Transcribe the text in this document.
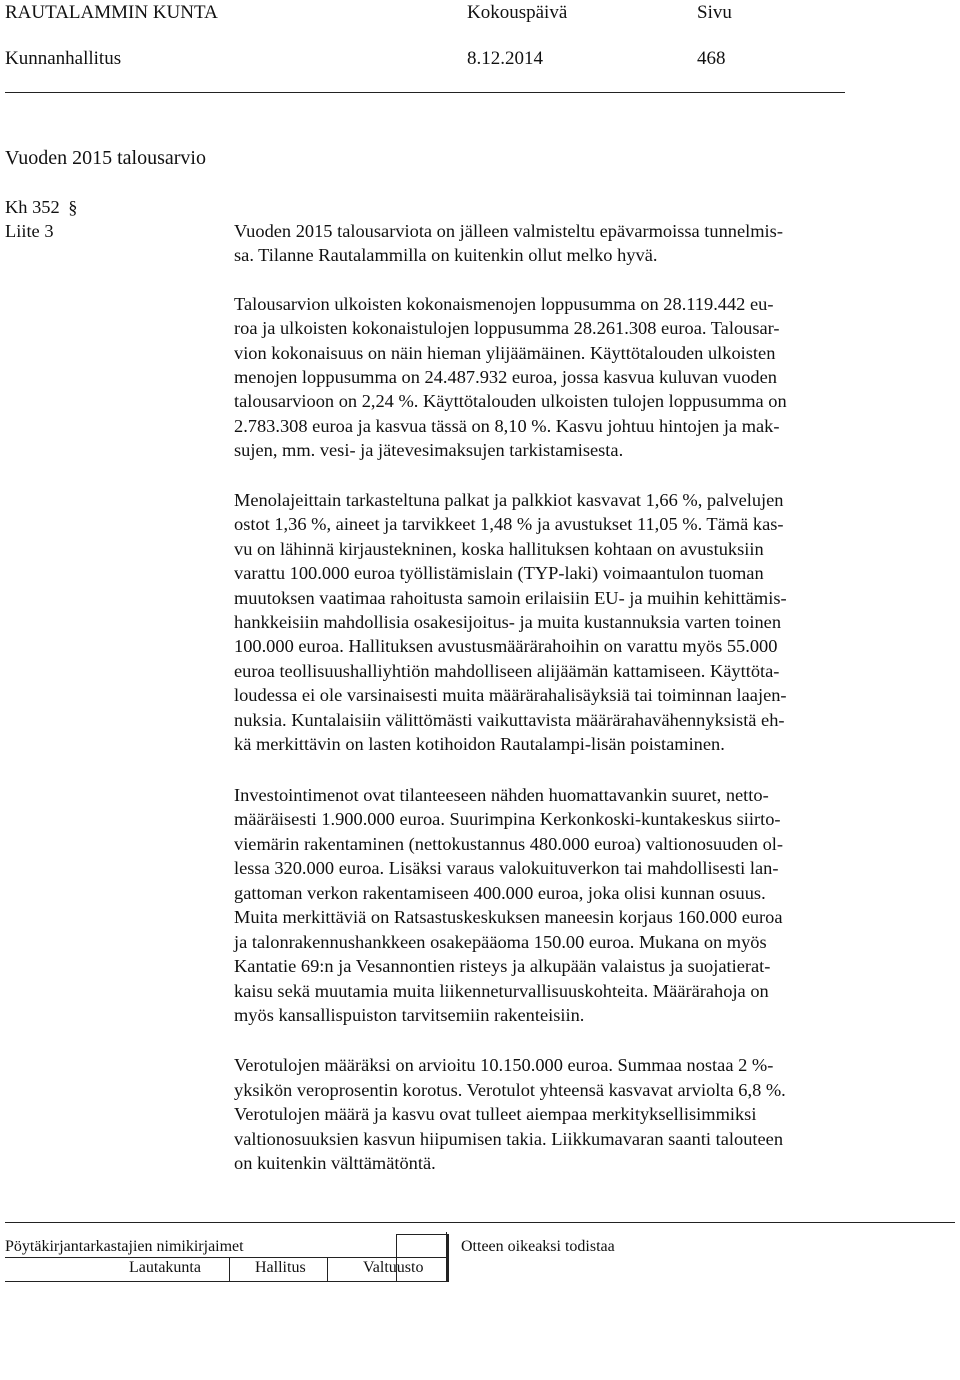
RAUTALAMMIN KUNTA	Kokouspäivä	Sivu
Kunnanhallitus	8.12.2014	468
Vuoden 2015 talousarvio
Kh 352 §
Liite 3	Vuoden 2015 talousarviota on jälleen valmisteltu epävarmoissa tunnelmis-
sa. Tilanne Rautalammilla on kuitenkin ollut melko hyvä.
Talousarvion ulkoisten kokonaismenojen loppusumma on 28.119.442 eu-
roa ja ulkoisten kokonaistulojen loppusumma 28.261.308 euroa. Talousar-
vion kokonaisuus on näin hieman ylijäämäinen. Käyttötalouden ulkoisten
menojen loppusumma on 24.487.932 euroa, jossa kasvua kuluvan vuoden
talousarvioon on 2,24 %. Käyttötalouden ulkoisten tulojen loppusumma on
2.783.308 euroa ja kasvua tässä on 8,10 %. Kasvu johtuu hintojen ja mak-
sujen, mm. vesi- ja jätevesimaksujen tarkistamisesta.
Menolajeittain tarkasteltuna palkat ja palkkiot kasvavat 1,66 %, palvelujen
ostot 1,36 %, aineet ja tarvikkeet 1,48 % ja avustukset 11,05 %. Tämä kas-
vu on lähinnä kirjaustekninen, koska hallituksen kohtaan on avustuksiin
varattu 100.000 euroa työllistämislain (TYP-laki) voimaantulon tuoman
muutoksen vaatimaa rahoitusta samoin erilaisiin EU- ja muihin kehittämis-
hankkeisiin mahdollisia osakesijoitus- ja muita kustannuksia varten toinen
100.000 euroa. Hallituksen avustusmäärärahoihin on varattu myös 55.000
euroa teollisuushalliyhtiön mahdolliseen alijäämän kattamiseen. Käyttöta-
loudessa ei ole varsinaisesti muita määrärahalisäyksiä tai toiminnan laajen-
nuksia. Kuntalaisiin välittömästi vaikuttavista määrärahavähennyksistä eh-
kä merkittävin on lasten kotihoidon Rautalampi-lisän poistaminen.
Investointimenot ovat tilanteeseen nähden huomattavankin suuret, netto-
määräisesti 1.900.000 euroa. Suurimpina Kerkonkoski-kuntakeskus siirto-
viemärin rakentaminen (nettokustannus 480.000 euroa) valtionosuuden ol-
lessa 320.000 euroa. Lisäksi varaus valokuituverkon tai mahdollisesti lan-
gattoman verkon rakentamiseen 400.000 euroa, joka olisi kunnan osuus.
Muita merkittäviä on Ratsastuskeskuksen maneesin korjaus 160.000 euroa
ja talonrakennushankkeen osakepääoma 150.00 euroa. Mukana on myös
Kantatie 69:n ja Vesannontien risteys ja alkupään valaistus ja suojatierat-
kaisu sekä muutamia muita liikenneturvallisuuskohteita. Määrärahoja on
myös kansallispuiston tarvitsemiin rakenteisiin.
Verotulojen määräksi on arvioitu 10.150.000 euroa. Summaa nostaa 2 %-
yksikön veroprosentin korotus. Verotulot yhteensä kasvavat arviolta 6,8 %.
Verotulojen määrä ja kasvu ovat tulleet aiempaa merkityksellisimmiksi
valtionosuuksien kasvun hiipumisen takia. Liikkumavaran saanti talouteen
on kuitenkin välttämätöntä.
Pöytäkirjantarkastajien nimikirjaimet	Otteen oikeaksi todistaa
Lautakunta	Hallitus	Valtuusto
